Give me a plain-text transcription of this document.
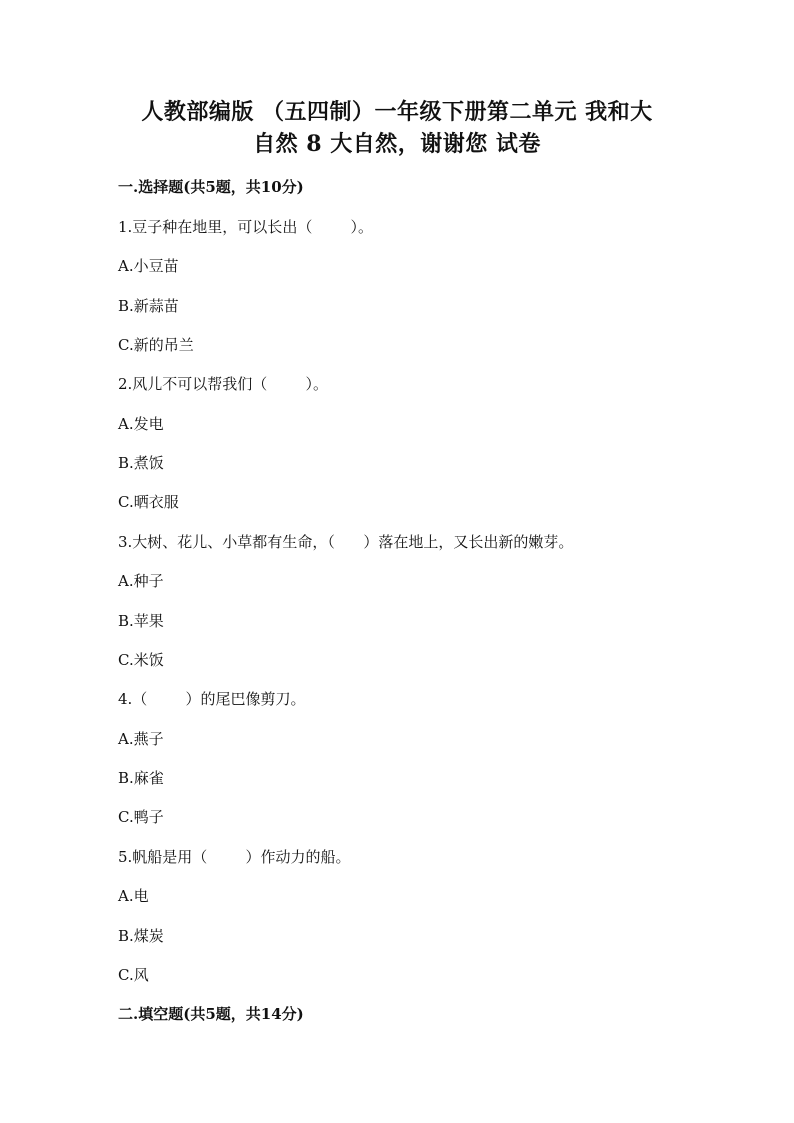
人教部编版 （五四制）一年级下册第二单元 我和大
自然 8 大自然，谢谢您 试卷
一.选择题(共5题，共10分)
1.豆子种在地里，可以长出（        ）。
A.小豆苗
B.新蒜苗
C.新的吊兰
2.风儿不可以帮我们（        ）。
A.发电
B.煮饭
C.晒衣服
3.大树、花儿、小草都有生命，（      ）落在地上，又长出新的嫩芽。
A.种子
B.苹果
C.米饭
4.（        ）的尾巴像剪刀。
A.燕子
B.麻雀
C.鸭子
5.帆船是用（        ）作动力的船。
A.电
B.煤炭
C.风
二.填空题(共5题，共14分)
